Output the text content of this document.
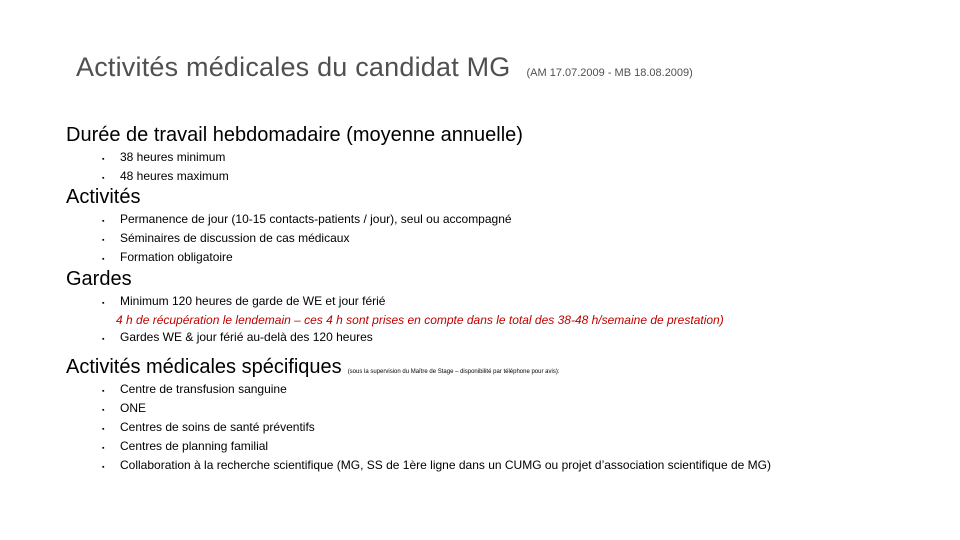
Activités médicales du candidat MG (AM 17.07.2009 - MB 18.08.2009)
Durée de travail hebdomadaire (moyenne annuelle)
▪	38 heures minimum
▪	48 heures maximum
Activités
▪	Permanence de jour (10-15 contacts-patients / jour), seul ou accompagné
▪	Séminaires de discussion de cas médicaux
▪	Formation obligatoire
Gardes
▪	Minimum 120 heures de garde de WE et jour férié
4 h de récupération le lendemain – ces 4 h sont prises en compte dans le total des 38-48 h/semaine de prestation)
▪	Gardes WE & jour férié au-delà des 120 heures
Activités médicales spécifiques (sous la supervision du Maître de Stage – disponibilité par téléphone pour avis):
▪	Centre de transfusion sanguine
▪	ONE
▪	Centres de soins de santé préventifs
▪	Centres de planning familial
▪	Collaboration à la recherche scientifique (MG, SS de 1ère ligne dans un CUMG ou projet d’association scientifique de MG)
